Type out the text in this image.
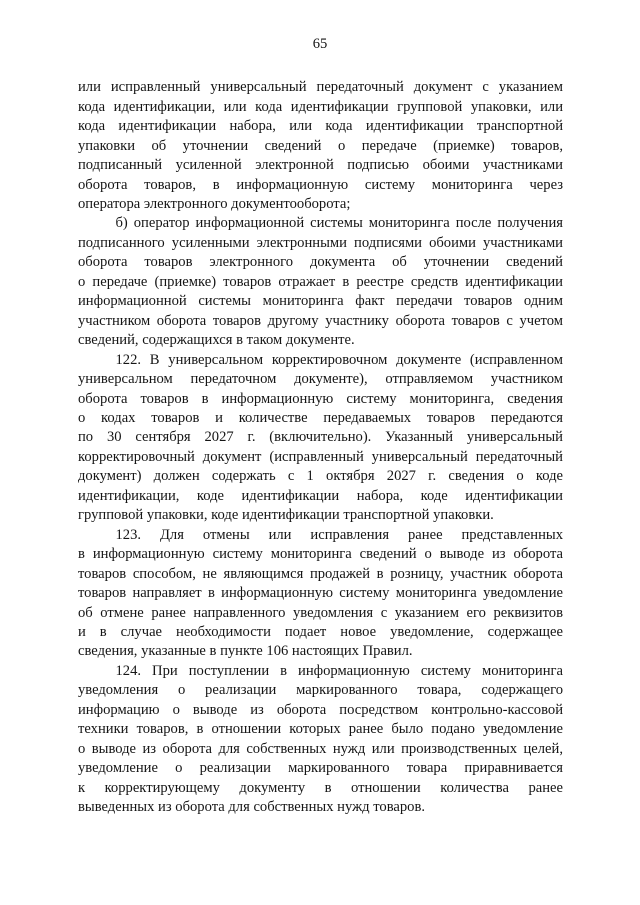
65
или исправленный универсальный передаточный документ с указанием
кода идентификации, или кода идентификации групповой упаковки, или
кода идентификации набора, или кода идентификации транспортной
упаковки об уточнении сведений о передаче (приемке) товаров,
подписанный усиленной электронной подписью обоими участниками
оборота товаров, в информационную систему мониторинга через
оператора электронного документооборота;
б) оператор информационной системы мониторинга после получения
подписанного усиленными электронными подписями обоими участниками
оборота товаров электронного документа об уточнении сведений
о передаче (приемке) товаров отражает в реестре средств идентификации
информационной системы мониторинга факт передачи товаров одним
участником оборота товаров другому участнику оборота товаров с учетом
сведений, содержащихся в таком документе.
122. В универсальном корректировочном документе (исправленном
универсальном передаточном документе), отправляемом участником
оборота товаров в информационную систему мониторинга, сведения
о кодах товаров и количестве передаваемых товаров передаются
по 30 сентября 2027 г. (включительно). Указанный универсальный
корректировочный документ (исправленный универсальный передаточный
документ) должен содержать с 1 октября 2027 г. сведения о коде
идентификации, коде идентификации набора, коде идентификации
групповой упаковки, коде идентификации транспортной упаковки.
123. Для отмены или исправления ранее представленных
в информационную систему мониторинга сведений о выводе из оборота
товаров способом, не являющимся продажей в розницу, участник оборота
товаров направляет в информационную систему мониторинга уведомление
об отмене ранее направленного уведомления с указанием его реквизитов
и в случае необходимости подает новое уведомление, содержащее
сведения, указанные в пункте 106 настоящих Правил.
124. При поступлении в информационную систему мониторинга
уведомления о реализации маркированного товара, содержащего
информацию о выводе из оборота посредством контрольно-кассовой
техники товаров, в отношении которых ранее было подано уведомление
о выводе из оборота для собственных нужд или производственных целей,
уведомление о реализации маркированного товара приравнивается
к корректирующему документу в отношении количества ранее
выведенных из оборота для собственных нужд товаров.
